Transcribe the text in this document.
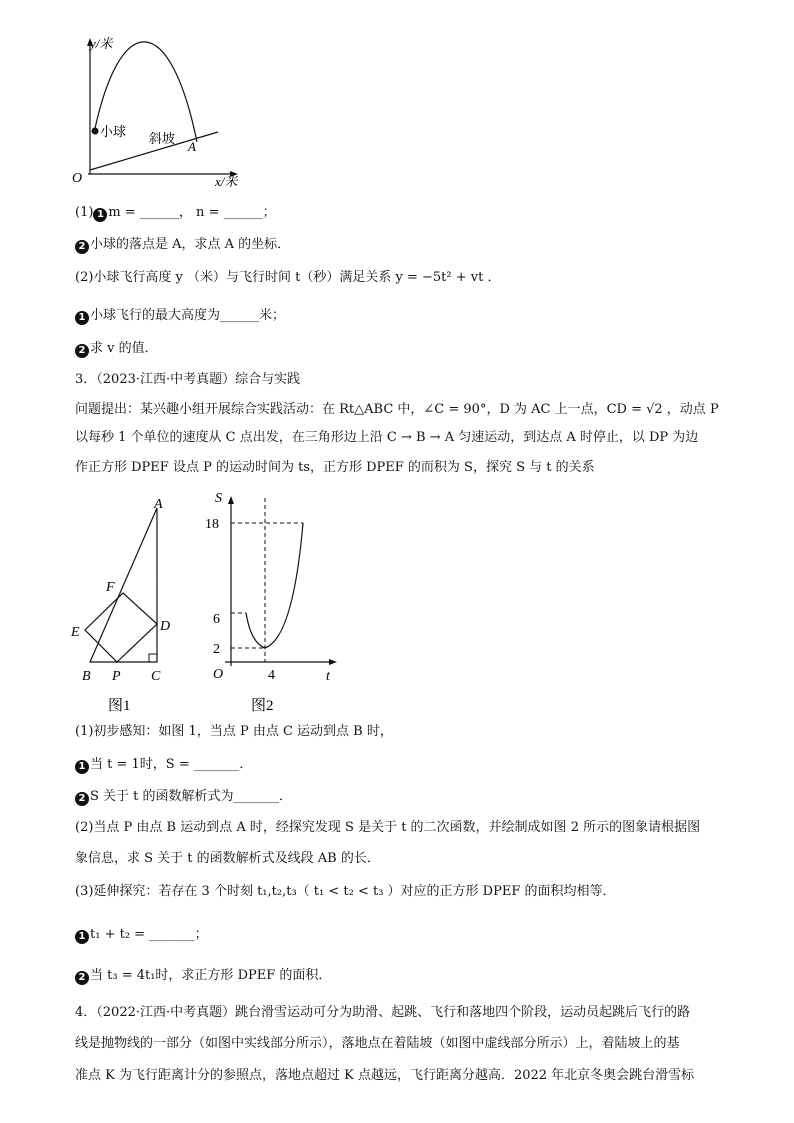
y/米
x/米
O
小球 斜坡
A
(1) 1 m = ______， n = ______；
2 小球的落点是 A，求点 A 的坐标．
(2)小球飞行高度 y （米）与飞行时间 t（秒）满足关系 y = −5t² + vt ．
1 小球飞行的最大高度为______米；
2 求 v 的值．
3．（2023·江西·中考真题）综合与实践
问题提出：某兴趣小组开展综合实践活动：在 Rt△ABC 中，∠C = 90°，D 为 AC 上一点，CD = √2 ，动点 P
以每秒 1 个单位的速度从 C 点出发，在三角形边上沿 C → B → A 匀速运动，到达点 A 时停止，以 DP 为边
作正方形 DPEF 设点 P 的运动时间为 ts，正方形 DPEF 的而积为 S，探究 S 与 t 的关系
A
F
D
E
B P C
图1
S
18
6
2
O	4	t
图2
(1)初步感知：如图 1，当点 P 由点 C 运动到点 B 时，
1 当 t = 1时，S = _______．
2 S 关于 t 的函数解析式为_______．
(2)当点 P 由点 B 运动到点 A 时，经探究发现 S 是关于 t 的二次函数，并绘制成如图 2 所示的图象请根据图
象信息，求 S 关于 t 的函数解析式及线段 AB 的长．
(3)延伸探究：若存在 3 个时刻 t₁,t₂,t₃（ t₁ < t₂ < t₃ ）对应的正方形 DPEF 的面积均相等．
1 t₁ + t₂ = _______；
2 当 t₃ = 4t₁时，求正方形 DPEF 的面积．
4．（2022·江西·中考真题）跳台滑雪运动可分为助滑、起跳、飞行和落地四个阶段，运动员起跳后飞行的路
线是抛物线的一部分（如图中实线部分所示），落地点在着陆坡（如图中虚线部分所示）上，着陆坡上的基
准点 K 为飞行距离计分的参照点，落地点超过 K 点越远，飞行距离分越高．2022 年北京冬奥会跳台滑雪标
